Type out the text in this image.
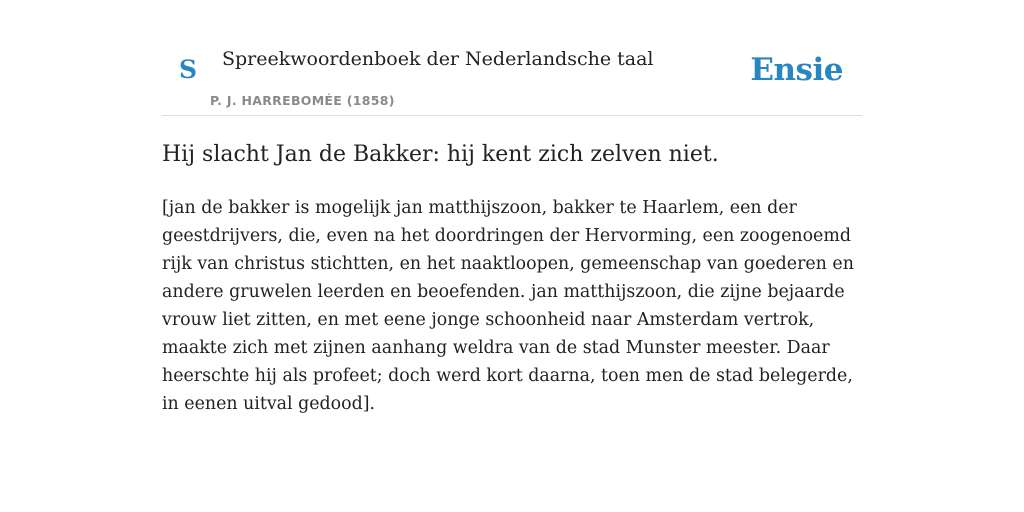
S Spreekwoordenboek der Nederlandsche taal
P. J. HARREBOMÉE (1858)
Ensie
Hij slacht Jan de Bakker: hij kent zich zelven niet.

[jan de bakker is mogelijk jan matthijszoon, bakker te Haarlem, een der geestdrijvers, die, even na het doordringen der Hervorming, een zoogenoemd rijk van christus stichtten, en het naaktloopen, gemeenschap van goederen en andere gruwelen leerden en beoefenden. jan matthijszoon, die zijne bejaarde vrouw liet zitten, en met eene jonge schoonheid naar Amsterdam vertrok, maakte zich met zijnen aanhang weldra van de stad Munster meester. Daar heerschte hij als profeet; doch werd kort daarna, toen men de stad belegerde, in eenen uitval gedood].
